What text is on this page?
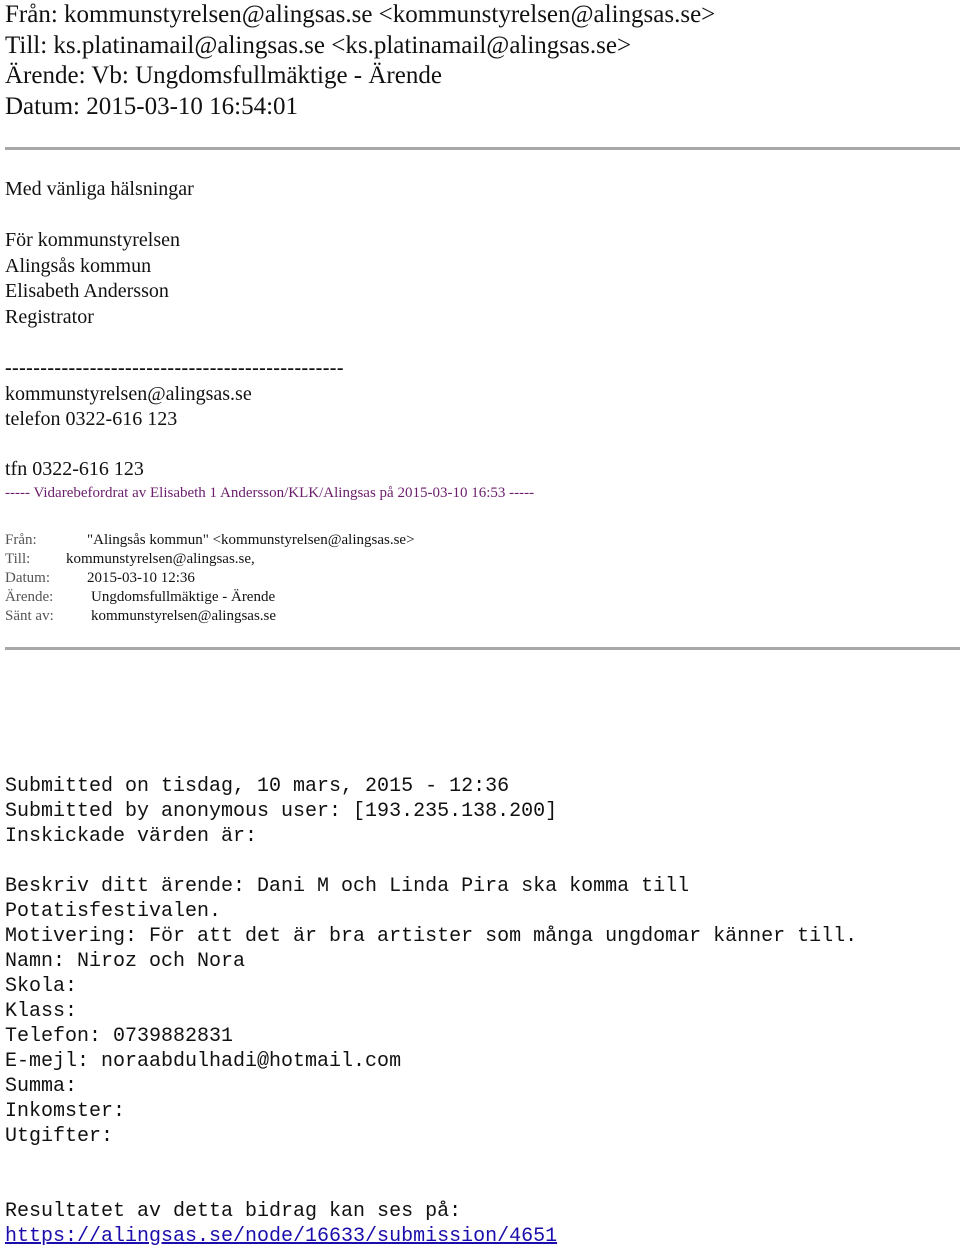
Från: kommunstyrelsen@alingsas.se <kommunstyrelsen@alingsas.se>
Till: ks.platinamail@alingsas.se <ks.platinamail@alingsas.se>
Ärende: Vb: Ungdomsfullmäktige - Ärende
Datum: 2015-03-10 16:54:01
Med vänliga hälsningar
För kommunstyrelsen
Alingsås kommun
Elisabeth Andersson
Registrator
------------------------------------------------
kommunstyrelsen@alingsas.se
telefon 0322-616 123
tfn 0322-616 123
----- Vidarebefordrat av Elisabeth 1 Andersson/KLK/Alingsas på 2015-03-10 16:53 -----
Från:	"Alingsås kommun" <kommunstyrelsen@alingsas.se>
Till: kommunstyrelsen@alingsas.se,
Datum: 2015-03-10 12:36
Ärende:	Ungdomsfullmäktige - Ärende
Sänt av: kommunstyrelsen@alingsas.se
Submitted on tisdag, 10 mars, 2015 - 12:36
Submitted by anonymous user: [193.235.138.200]
Inskickade värden är:
Beskriv ditt ärende: Dani M och Linda Pira ska komma till
Potatisfestivalen.
Motivering: För att det är bra artister som många ungdomar känner till.
Namn: Niroz och Nora
Skola:
Klass:
Telefon: 0739882831
E-mejl: noraabdulhadi@hotmail.com
Summa:
Inkomster:
Utgifter:
Resultatet av detta bidrag kan ses på:
https://alingsas.se/node/16633/submission/4651
